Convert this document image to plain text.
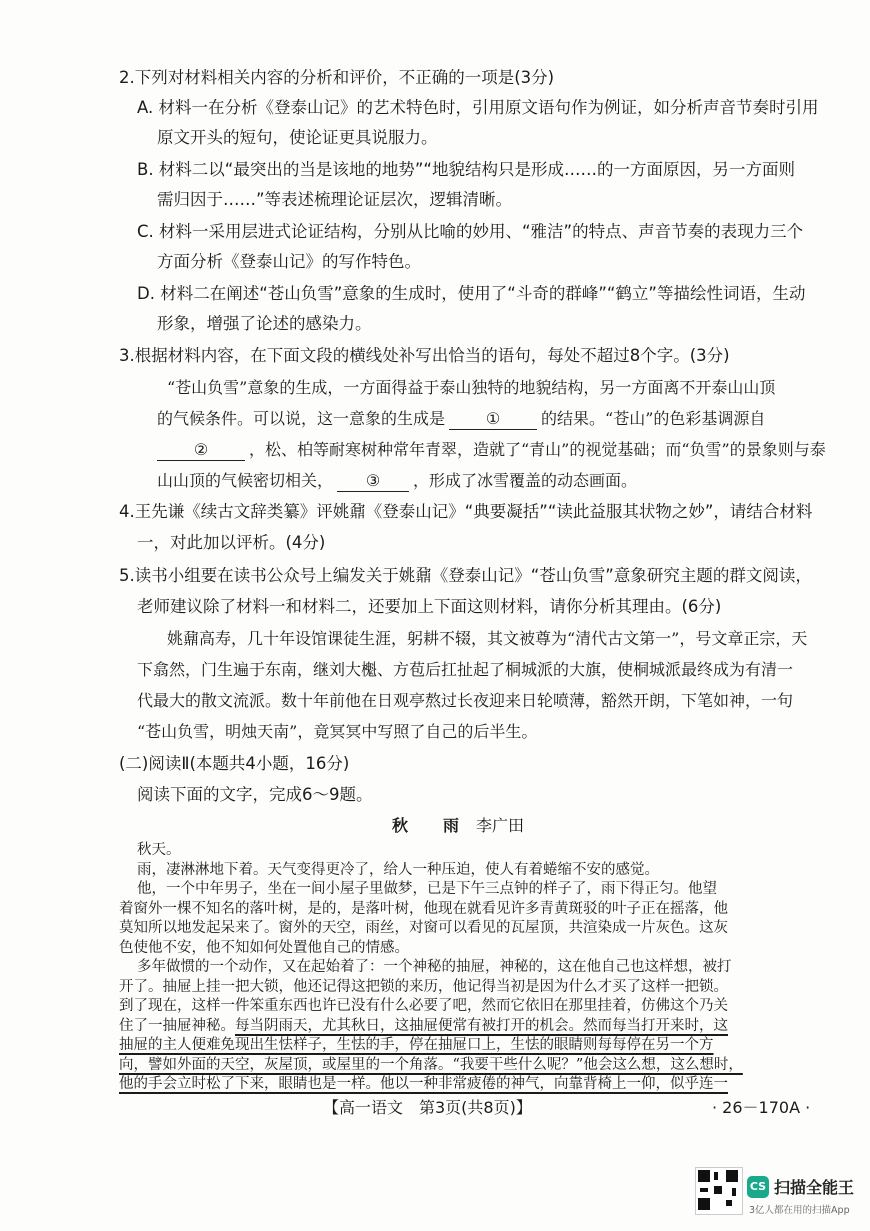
2.下列对材料相关内容的分析和评价，不正确的一项是(3分)
A. 材料一在分析《登泰山记》的艺术特色时，引用原文语句作为例证，如分析声音节奏时引用
原文开头的短句，使论证更具说服力。
B. 材料二以“最突出的当是该地的地势”“地貌结构只是形成……的一方面原因，另一方面则
需归因于……”等表述梳理论证层次，逻辑清晰。
C. 材料一采用层进式论证结构，分别从比喻的妙用、“雅洁”的特点、声音节奏的表现力三个
方面分析《登泰山记》的写作特色。
D. 材料二在阐述“苍山负雪”意象的生成时，使用了“斗奇的群峰”“鹤立”等描绘性词语，生动
形象，增强了论述的感染力。
3.根据材料内容，在下面文段的横线处补写出恰当的语句，每处不超过8个字。(3分)
“苍山负雪”意象的生成，一方面得益于泰山独特的地貌结构，另一方面离不开泰山山顶
的气候条件。可以说，这一意象的生成是	①	的结果。“苍山”的色彩基调源自
②	，松、柏等耐寒树种常年青翠，造就了“青山”的视觉基础；而“负雪”的景象则与泰
山山顶的气候密切相关， ③ ，形成了冰雪覆盖的动态画面。
4.王先谦《续古文辞类纂》评姚鼐《登泰山记》“典要凝括”“读此益服其状物之妙”，请结合材料
一，对此加以评析。(4分)
5.读书小组要在读书公众号上编发关于姚鼐《登泰山记》“苍山负雪”意象研究主题的群文阅读，
老师建议除了材料一和材料二，还要加上下面这则材料，请你分析其理由。(6分)
姚鼐高寿，几十年设馆课徒生涯，躬耕不辍，其文被尊为“清代古文第一”，号文章正宗，天
下翕然，门生遍于东南，继刘大櫆、方苞后扛扯起了桐城派的大旗，使桐城派最终成为有清一
代最大的散文流派。数十年前他在日观亭熬过长夜迎来日轮喷薄，豁然开朗，下笔如神，一句
“苍山负雪，明烛天南”，竟冥冥中写照了自己的后半生。
(二)阅读Ⅱ(本题共4小题，16分)
阅读下面的文字，完成6～9题。
秋　　雨 李广田
【高一语文　第3页(共8页)】	· 26－170A ·
CS 扫描全能王
3亿人都在用的扫描App
秋天。
雨，凄淋淋地下着。天气变得更冷了，给人一种压迫，使人有着蜷缩不安的感觉。
他，一个中年男子，坐在一间小屋子里做梦，已是下午三点钟的样子了，雨下得正匀。他望
着窗外一棵不知名的落叶树，是的，是落叶树，他现在就看见许多青黄斑驳的叶子正在摇落，他
莫知所以地发起呆来了。窗外的天空，雨丝，对窗可以看见的瓦屋顶，共渲染成一片灰色。这灰
色使他不安，他不知如何处置他自己的情感。
多年做惯的一个动作，又在起始着了：一个神秘的抽屉，神秘的，这在他自己也这样想，被打
开了。抽屉上挂一把大锁，他还记得这把锁的来历，他记得当初是因为什么才买了这样一把锁。
到了现在，这样一件笨重东西也许已没有什么必要了吧，然而它依旧在那里挂着，仿佛这个乃关
住了一抽屉神秘。每当阴雨天，尤其秋日，这抽屉便常有被打开的机会。然而每当打开来时，这
抽屉的主人便难免现出生怯样子，生怯的手，停在抽屉口上，生怯的眼睛则每每停在另一个方
向，譬如外面的天空，灰屋顶，或屋里的一个角落。“我要干些什么呢？”他会这么想，这么想时，
他的手会立时松了下来，眼睛也是一样。他以一种非常疲倦的神气，向靠背椅上一仰，似乎连一
